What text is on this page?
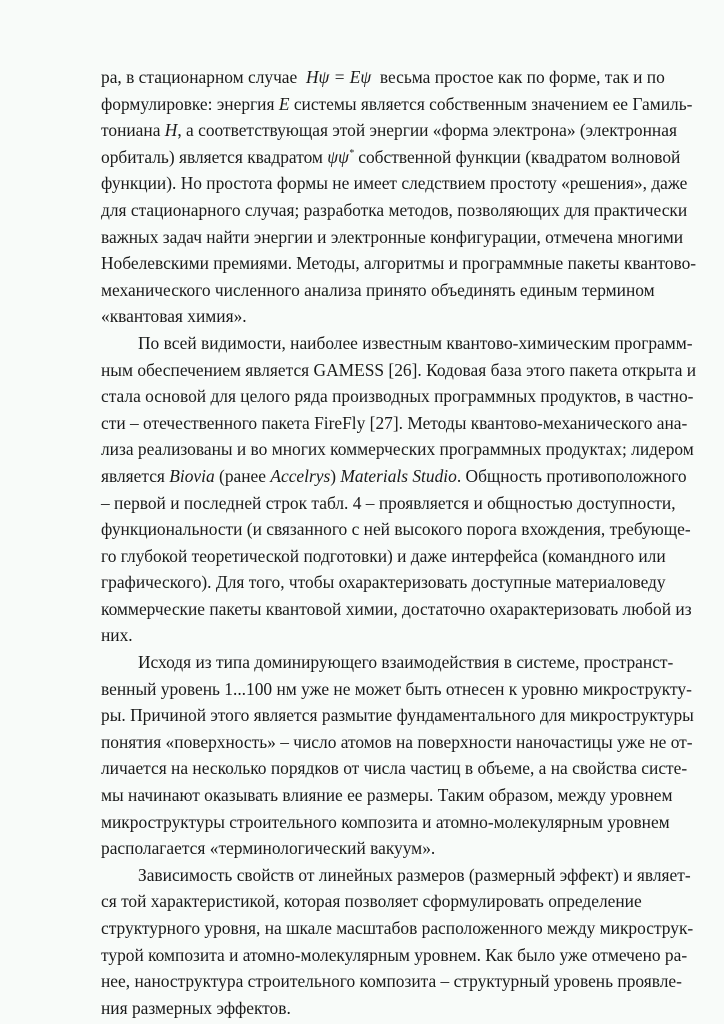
ра, в стационарном случае Hψ = Eψ весьма простое как по форме, так и по
формулировке: энергия E системы является собственным значением ее Гамиль-
тониана H, а соответствующая этой энергии «форма электрона» (электронная
орбиталь) является квадратом ψψ* собственной функции (квадратом волновой
функции). Но простота формы не имеет следствием простоту «решения», даже
для стационарного случая; разработка методов, позволяющих для практически
важных задач найти энергии и электронные конфигурации, отмечена многими
Нобелевскими премиями. Методы, алгоритмы и программные пакеты квантово-
механического численного анализа принято объединять единым термином
«квантовая химия».
По всей видимости, наиболее известным квантово-химическим программ-
ным обеспечением является GAMESS [26]. Кодовая база этого пакета открыта и
стала основой для целого ряда производных программных продуктов, в частно-
сти – отечественного пакета FireFly [27]. Методы квантово-механического ана-
лиза реализованы и во многих коммерческих программных продуктах; лидером
является Biovia (ранее Accelrys) Materials Studio. Общность противоположного
– первой и последней строк табл. 4 – проявляется и общностью доступности,
функциональности (и связанного с ней высокого порога вхождения, требующе-
го глубокой теоретической подготовки) и даже интерфейса (командного или
графического). Для того, чтобы охарактеризовать доступные материаловеду
коммерческие пакеты квантовой химии, достаточно охарактеризовать любой из
них.
Исходя из типа доминирующего взаимодействия в системе, пространст-
венный уровень 1...100 нм уже не может быть отнесен к уровню микрострукту-
ры. Причиной этого является размытие фундаментального для микроструктуры
понятия «поверхность» – число атомов на поверхности наночастицы уже не от-
личается на несколько порядков от числа частиц в объеме, а на свойства систе-
мы начинают оказывать влияние ее размеры. Таким образом, между уровнем
микроструктуры строительного композита и атомно-молекулярным уровнем
располагается «терминологический вакуум».
Зависимость свойств от линейных размеров (размерный эффект) и являет-
ся той характеристикой, которая позволяет сформулировать определение
структурного уровня, на шкале масштабов расположенного между микрострук-
турой композита и атомно-молекулярным уровнем. Как было уже отмечено ра-
нее, наноструктура строительного композита – структурный уровень проявле-
ния размерных эффектов.
